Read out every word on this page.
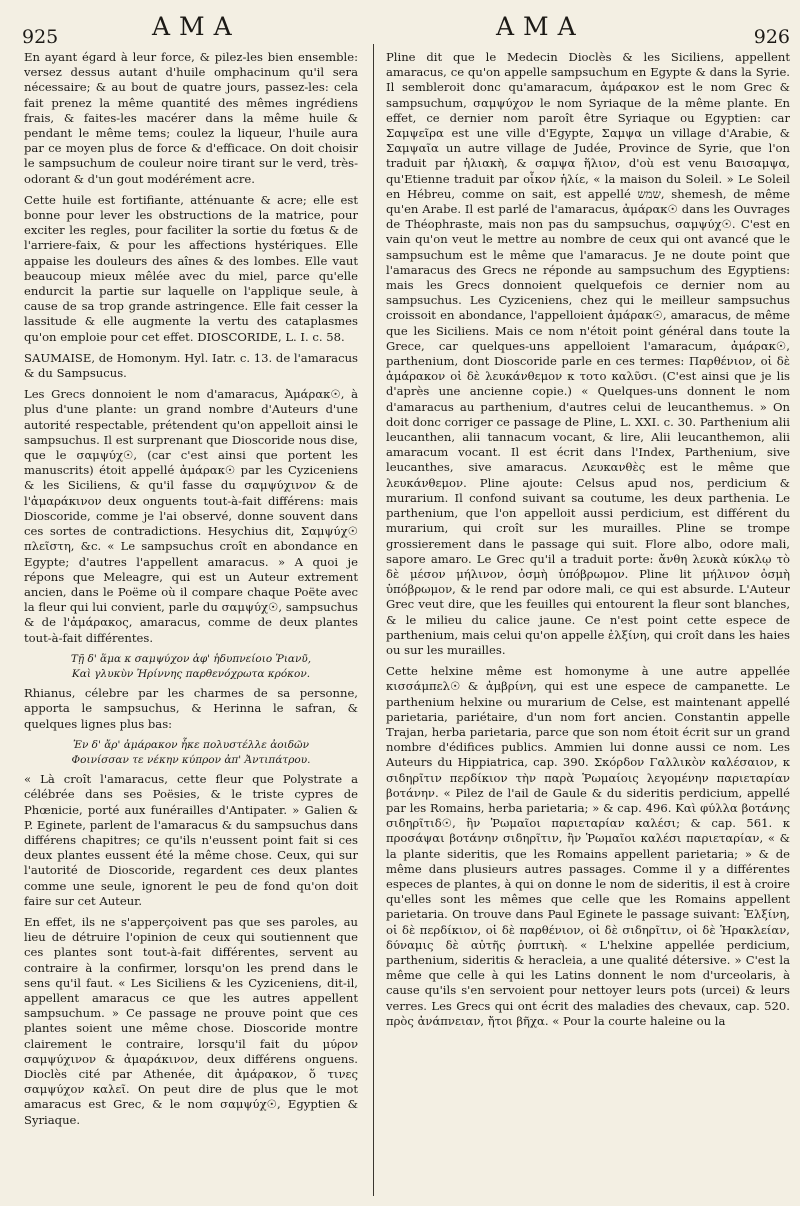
925	AMA	AMA	926

En ayant égard à leur force, & pilez-les bien ensemble: versez dessus autant d'huile omphacinum qu'il sera nécessaire; & au bout de quatre jours, passez-les: cela fait prenez la même quantité des mêmes ingrédiens frais, & faites-les macérer dans la même huile & pendant le même tems; coulez la liqueur, l'huile aura par ce moyen plus de force & d'efficace. On doit choisir le sampsuchum de couleur noire tirant sur le verd, très-odorant & d'un gout modérément acre.

Cette huile est fortifiante, atténuante & acre; elle est bonne pour lever les obstructions de la matrice, pour exciter les regles, pour faciliter la sortie du fœtus & de l'arriere-faix, & pour les affections hystériques. Elle appaise les douleurs des aînes & des lombes. Elle vaut beaucoup mieux mêlée avec du miel, parce qu'elle endurcit la partie sur laquelle on l'applique seule, à cause de sa trop grande astringence. Elle fait cesser la lassitude & elle augmente la vertu des cataplasmes qu'on emploie pour cet effet. DIOSCORIDE, L. I. c. 58.

SAUMAISE, de Homonym. Hyl. Iatr. c. 13. de l'amaracus & du Sampsucus.

Les Grecs donnoient le nom d'amaracus, Ἀμάρακ☉, à plus d'une plante: un grand nombre d'Auteurs d'une autorité respectable, prétendent qu'on appelloit ainsi le sampsuchus. Il est surprenant que Dioscoride nous dise, que le σαμψύχ☉, (car c'est ainsi que portent les manuscrits) étoit appellé ἀμάρακ☉ par les Cyziceniens & les Siciliens, & qu'il fasse du σαμψύχινον & de l'ἀμαράκινον deux onguents tout-à-fait différens: mais Dioscoride, comme je l'ai observé, donne souvent dans ces sortes de contradictions. Hesychius dit, Σαμψύχ☉ πλεῖστη, &c. « Le sampsuchus croît en abondance en Egypte; d'autres l'appellent amaracus. » A quoi je répons que Meleagre, qui est un Auteur extrement ancien, dans le Poëme où il compare chaque Poëte avec la fleur qui lui convient, parle du σαμψύχ☉, sampsuchus & de l'ἀμάρακος, amaracus, comme de deux plantes tout-à-fait différentes.

Τῇ δ' ἅμα κ σαμψύχον ἀφ' ἡδυπνείοιο Ῥιανῦ,
Καὶ γλυκὺν Ἠρίννης παρθενόχρωτα κρόκον.

Rhianus, célebre par les charmes de sa personne, apporta le sampsuchus, & Herinna le safran, & quelques lignes plus bas:

Ἐν δ' ἄρ' ἀμάρακον ἧκε πολυστέλλε ἀοιδῶν
Φοινίσσαν τε νέκην κύπρον ἀπ' Ἀντιπάτρου.

« Là croît l'amaracus, cette fleur que Polystrate a célébrée dans ses Poësies, & le triste cypres de Phœnicie, porté aux funérailles d'Antipater. » Galien & P. Eginete, parlent de l'amaracus & du sampsuchus dans différens chapitres; ce qu'ils n'eussent point fait si ces deux plantes eussent été la même chose. Ceux, qui sur l'autorité de Dioscoride, regardent ces deux plantes comme une seule, ignorent le peu de fond qu'on doit faire sur cet Auteur.

En effet, ils ne s'apperçoivent pas que ses paroles, au lieu de détruire l'opinion de ceux qui soutiennent que ces plantes sont tout-à-fait différentes, servent au contraire à la confirmer, lorsqu'on les prend dans le sens qu'il faut. « Les Siciliens & les Cyziceniens, dit-il, appellent amaracus ce que les autres appellent sampsuchum. » Ce passage ne prouve point que ces plantes soient une même chose. Dioscoride montre clairement le contraire, lorsqu'il fait du μύρον σαμψύχινον & ἀμαράκινον, deux différens onguens. Dioclès cité par Athenée, dit ἀμάρακον, ὅ τινες σαμψύχον καλεῖ. On peut dire de plus que le mot amaracus est Grec, & le nom σαμψύχ☉, Egyptien & Syriaque.

Pline dit que le Medecin Dioclès & les Siciliens, appellent amaracus, ce qu'on appelle sampsuchum en Egypte & dans la Syrie. Il sembleroit donc qu'amaracum, ἀμάρακον est le nom Grec & sampsuchum, σαμψύχον le nom Syriaque de la même plante. En effet, ce dernier nom paroît être Syriaque ou Egyptien: car Σαμψεῖρα est une ville d'Egypte, Σαμψα un village d'Arabie, & Σαμψαῖα un autre village de Judée, Province de Syrie, que l'on traduit par ἡλιακὴ, & σαμψα ἥλιον, d'où est venu Βαισαμψα, qu'Etienne traduit par οἶκον ἡλίε, « la maison du Soleil. » Le Soleil en Hébreu, comme on sait, est appellé שמש, shemesh, de même qu'en Arabe. Il est parlé de l'amaracus, ἀμάρακ☉ dans les Ouvrages de Théophraste, mais non pas du sampsuchus, σαμψύχ☉. C'est en vain qu'on veut le mettre au nombre de ceux qui ont avancé que le sampsuchum est le même que l'amaracus. Je ne doute point que l'amaracus des Grecs ne réponde au sampsuchum des Egyptiens: mais les Grecs donnoient quelquefois ce dernier nom au sampsuchus. Les Cyziceniens, chez qui le meilleur sampsuchus croissoit en abondance, l'appelloient ἀμάρακ☉, amaracus, de même que les Siciliens. Mais ce nom n'étoit point général dans toute la Grece, car quelques-uns appelloient l'amaracum, ἀμάρακ☉, parthenium, dont Dioscoride parle en ces termes: Παρθένιον, οἱ δὲ ἀμάρακον οἱ δὲ λευκάνθεμον κ τοτο καλῦσι. (C'est ainsi que je lis d'après une ancienne copie.) « Quelques-uns donnent le nom d'amaracus au parthenium, d'autres celui de leucanthemus. » On doit donc corriger ce passage de Pline, L. XXI. c. 30. Parthenium alii leucanthen, alii tannacum vocant, & lire, Alii leucanthemon, alii amaracum vocant. Il est écrit dans l'Index, Parthenium, sive leucanthes, sive amaracus. Λευκανθὲς est le même que λευκάνθεμον. Pline ajoute: Celsus apud nos, perdicium & murarium. Il confond suivant sa coutume, les deux parthenia. Le parthenium, que l'on appelloit aussi perdicium, est différent du murarium, qui croît sur les murailles. Pline se trompe grossierement dans le passage qui suit. Flore albo, odore mali, sapore amaro. Le Grec qu'il a traduit porte: ἄνθη λευκὰ κύκλῳ τὸ δὲ μέσον μήλινον, ὀσμὴ ὑπόβρωμον. Pline lit μήλινον ὀσμὴ ὑπόβρωμον, & le rend par odore mali, ce qui est absurde. L'Auteur Grec veut dire, que les feuilles qui entourent la fleur sont blanches, & le milieu du calice jaune. Ce n'est point cette espece de parthenium, mais celui qu'on appelle ἐλξίνη, qui croît dans les haies ou sur les murailles.

Cette helxine même est homonyme à une autre appellée κισσάμπελ☉ & ἀμβρίνη, qui est une espece de campanette. Le parthenium helxine ou murarium de Celse, est maintenant appellé parietaria, pariétaire, d'un nom fort ancien. Constantin appelle Trajan, herba parietaria, parce que son nom étoit écrit sur un grand nombre d'édifices publics. Ammien lui donne aussi ce nom. Les Auteurs du Hippiatrica, cap. 390. Σκόρδον Γαλλικὸν καλέσαιον, κ σιδηρῖτιν περδίκιον τὴν παρὰ Ῥωμαίοις λεγομένην παριεταρίαν βοτάνην. « Pilez de l'ail de Gaule & du sideritis perdicium, appellé par les Romains, herba parietaria; » & cap. 496. Καὶ φύλλα βοτάνης σιδηρῖτιδ☉, ἣν Ῥωμαῖοι παριεταρίαν καλέσι; & cap. 561. κ προσάψαι βοτάνην σιδηρῖτιν, ἣν Ῥωμαῖοι καλέσι παριεταρίαν, « & la plante sideritis, que les Romains appellent parietaria; » & de même dans plusieurs autres passages. Comme il y a différentes especes de plantes, à qui on donne le nom de sideritis, il est à croire qu'elles sont les mêmes que celle que les Romains appellent parietaria. On trouve dans Paul Eginete le passage suivant: Ἐλξίνη, οἱ δὲ περδίκιον, οἱ δὲ παρθένιον, οἱ δὲ σιδηρῖτιν, οἱ δὲ Ἡρακλείαν, δύναμις δὲ αὐτῆς ῥυπτικὴ. « L'helxine appellée perdicium, parthenium, sideritis & heracleia, a une qualité détersive. » C'est la même que celle à qui les Latins donnent le nom d'urceolaris, à cause qu'ils s'en servoient pour nettoyer leurs pots (urcei) & leurs verres. Les Grecs qui ont écrit des maladies des chevaux, cap. 520. πρὸς ἀνάπνειαν, ἤτοι βῆχα. « Pour la courte haleine ou la
